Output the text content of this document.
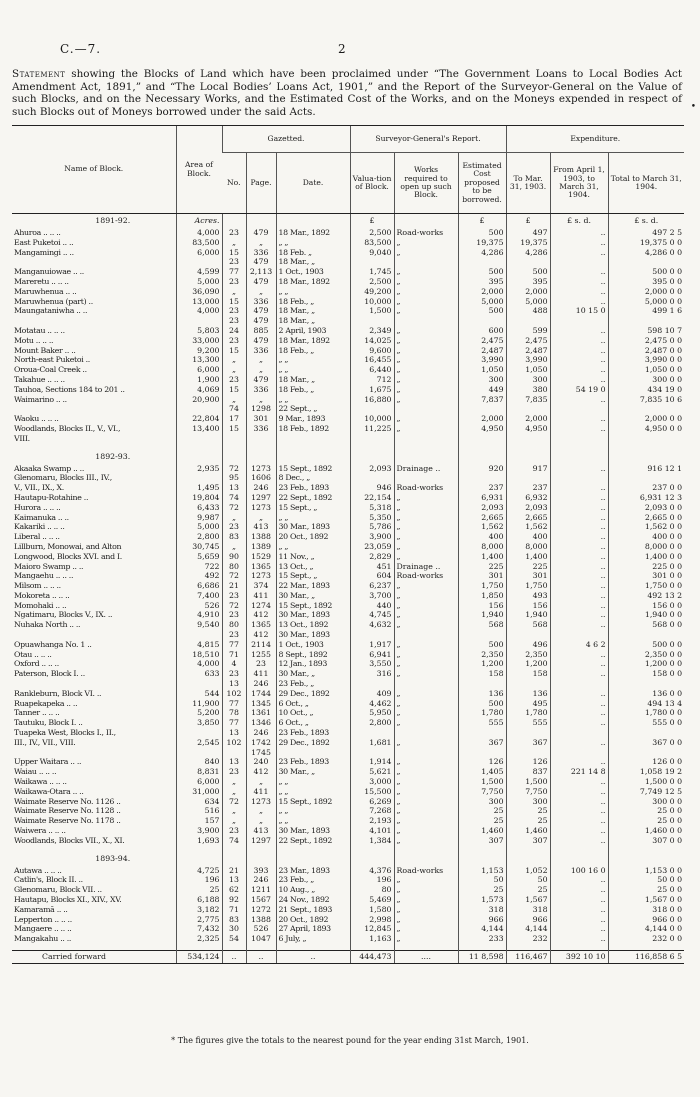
C.—7.	2
Statement showing the Blocks of Land which have been proclaimed under “The Government Loans to Local Bodies Act Amendment Act, 1891,” and “The Local Bodies’ Loans Act, 1901,” and the Report of the Surveyor-General on the Value of such Blocks, and on the Necessary Works, and the Estimated Cost of the Works, and on the Moneys expended in respect of such Blocks out of Moneys borrowed under the said Acts.	•
Name of Block.	Area of Block.	Gazetted.			Surveyor-General's Report.			Expenditure.		
		No.	Page.	Date.	Valua-tion of Block.	Works required to open up such Block.	Estimated Cost proposed to be borrowed.	To Mar. 31, 1903.	From April 1, 1903, to March 31, 1904.	Total to March 31, 1904.
1891-92.	Acres.				£		£	£	£ s. d.	£ s. d.
Ahuroa .. .. ..	4,000	23	479	18 Mar., 1892	2,500	Road-works	500	497	..	497 2 5
East Puketoi .. ..	83,500	„	„	„ „	83,500	„	19,375	19,375	..	19,375 0 0
Mangamingi .. ..	6,000	15	336	18 Feb. „	9,040	„	4,286	4,286	..	4,286 0 0
		23	479	18 Mar., „						
Manganuiowae .. ..	4,599	77	2,113	1 Oct., 1903	1,745	„	500	500	..	500 0 0
Mareretu .. .. ..	5,000	23	479	18 Mar., 1892	2,500	„	395	395	..	395 0 0
Maruwhenua .. ..	36,090	„	„	„ „	49,200	„	2,000	2,000	..	2,000 0 0
Maruwhenua (part) ..	13,000	15	336	18 Feb., „	10,000	„	5,000	5,000	..	5,000 0 0
Maungataniwha .. ..	4,000	23	479	18 Mar., „	1,500	„	500	488	10 15 0	499 1 6
		23	479	18 Mar., „						
Motatau .. .. ..	5,803	24	885	2 April, 1903	2,349	„	600	599	..	598 10 7
Motu .. .. ..	33,000	23	479	18 Mar., 1892	14,025	„	2,475	2,475	..	2,475 0 0
Mount Baker .. ..	9,200	15	336	18 Feb., „	9,600	„	2,487	2,487	..	2,487 0 0
North-east Puketoi ..	13,300	„	„	„ „	16,455	„	3,990	3,990	..	3,990 0 0
Oroua-Coal Creek ..	6,000	„	„	„ „	6,440	„	1,050	1,050	..	1,050 0 0
Takahue .. .. ..	1,900	23	479	18 Mar., „	712	„	300	300	..	300 0 0
Tauhoa, Sections 184 to 201 ..	4,069	15	336	18 Feb., „	1,675	„	449	380	54 19 0	434 19 0
Waimarino .. ..	20,900	„	„	„ „	16,880	„	7,837	7,835	..	7,835 10 6
		74	1298	22 Sept., „						
Waoku .. .. ..	22,804	17	301	9 Mar., 1893	10,000	„	2,000	2,000	..	2,000 0 0
Woodlands, Blocks II., V., VI.,	13,400	15	336	18 Feb., 1892	11,225	„	4,950	4,950	..	4,950 0 0
VIII.										

1892-93.										
Akaaka Swamp .. ..	2,935	72	1273	15 Sept., 1892	2,093	Drainage ..	920	917	..	916 12 1
Glenomaru, Blocks III., IV.,		95	1606	8 Dec., „						
V., VII., IX., X.	1,495	13	246	23 Feb., 1893	946	Road-works	237	237	..	237 0 0
Hautapu-Rotahine ..	19,804	74	1297	22 Sept., 1892	22,154	„	6,931	6,932	..	6,931 12 3
Hurora .. .. ..	6,433	72	1273	15 Sept., „	5,318	„	2,093	2,093	..	2,093 0 0
Kaimanuka .. ..	9,987	„	„	„ „	5,350	„	2,665	2,665	..	2,665 0 0
Kakariki .. .. ..	5,000	23	413	30 Mar., 1893	5,786	„	1,562	1,562	..	1,562 0 0
Liberal .. .. ..	2,800	83	1388	20 Oct., 1892	3,900	„	400	400	..	400 0 0
Lillburn, Monowai, and Alton	30,745	„	1389	„ „	23,059	„	8,000	8,000	..	8,000 0 0
Longwood, Blocks XVI. and I.	5,659	90	1529	11 Nov., „	2,829	„	1,400	1,400	..	1,400 0 0
Maioro Swamp .. ..	722	80	1365	13 Oct., „	451	Drainage ..	225	225	..	225 0 0
Mangaehu .. .. ..	492	72	1273	15 Sept., „	604	Road-works	301	301	..	301 0 0
Milsom .. .. ..	6,686	21	374	22 Mar., 1893	6,237	„	1,750	1,750	..	1,750 0 0
Mokoreta .. .. ..	7,400	23	411	30 Mar., „	3,700	„	1,850	493	..	492 13 2
Momohaki .. ..	526	72	1274	15 Sept., 1892	440	„	156	156	..	156 0 0
Ngatimaru, Blocks V., IX. ..	4,910	23	412	30 Mar., 1893	4,745	„	1,940	1,940	..	1,940 0 0
Nuhaka North .. ..	9,540	80	1365	13 Oct., 1892	4,632	„	568	568	..	568 0 0
		23	412	30 Mar., 1893						
Opuawhanga No. 1 ..	4,815	77	2114	1 Oct., 1903	1,917	„	500	496	4 6 2	500 0 0
Otau .. .. ..	18,510	71	1255	8 Sept., 1892	6,941	„	2,350	2,350	..	2,350 0 0
Oxford .. .. ..	4,000	4	23	12 Jan., 1893	3,550	„	1,200	1,200	..	1,200 0 0
Paterson, Block I. ..	633	23	411	30 Mar., „	316	„	158	158	..	158 0 0
		13	246	23 Feb., „						
Rankleburn, Block VI. ..	544	102	1744	29 Dec., 1892	409	„	136	136	..	136 0 0
Ruapekapeka .. ..	11,900	77	1345	6 Oct., „	4,462	„	500	495	..	494 13 4
Tanner .. .. ..	5,200	78	1361	10 Oct., „	5,950	„	1,780	1,780	..	1,780 0 0
Tautuku, Block I. ..	3,850	77	1346	6 Oct., „	2,800	„	555	555	..	555 0 0
Tuapeka West, Blocks I., II.,		13	246	23 Feb., 1893						
III., IV., VII., VIII.	2,545	102	1742	29 Dec., 1892	1,681	„	367	367	..	367 0 0
			1745							
Upper Waitara .. ..	840	13	240	23 Feb., 1893	1,914	„	126	126	..	126 0 0
Waiau .. .. ..	8,831	23	412	30 Mar., „	5,621	„	1,405	837	221 14 8	1,058 19 2
Waikawa .. .. ..	6,000	„	„	„ „	3,000	„	1,500	1,500	..	1,500 0 0
Waikawa-Otara .. ..	31,000	„	411	„ „	15,500	„	7,750	7,750	..	7,749 12 5
Waimate Reserve No. 1126 ..	634	72	1273	15 Sept., 1892	6,269	„	300	300	..	300 0 0
Waimate Reserve No. 1128 ..	516	„	„	„ „	7,268	„	25	25	..	25 0 0
Waimate Reserve No. 1178 ..	157	„	„	„ „	2,193	„	25	25	..	25 0 0
Waiwera .. .. ..	3,900	23	413	30 Mar., 1893	4,101	„	1,460	1,460	..	1,460 0 0
Woodlands, Blocks VII., X., XI.	1,693	74	1297	22 Sept., 1892	1,384	„	307	307	..	307 0 0

1893-94.										
Autawa .. .. ..	4,725	21	393	23 Mar., 1893	4,376	Road-works	1,153	1,052	100 16 0	1,153 0 0
Catlin's, Block II. ..	196	13	246	23 Feb., „	196	„	50	50	..	50 0 0
Glenomaru, Block VII. ..	25	62	1211	10 Aug., „	80	„	25	25	..	25 0 0
Hautapu, Blocks XI., XIV., XV.	6,188	92	1567	24 Nov., 1892	5,469	„	1,573	1,567	..	1,567 0 0
Kamaramā .. ..	3,182	71	1272	21 Sept., 1893	1,580	„	318	318	..	318 0 0
Lepperton .. .. ..	2,775	83	1388	20 Oct., 1892	2,998	„	966	966	..	966 0 0
Mangaere .. .. ..	7,432	30	526	27 April, 1893	12,845	„	4,144	4,144	..	4,144 0 0
Mangakahu .. ..	2,325	54	1047	6 July, „	1,163	„	233	232	..	232 0 0

Carried forward	534,124	..	..	..	444,473	....	11 8,598	116,467	392 10 10	116,858 6 5
* The figures give the totals to the nearest pound for the year ending 31st March, 1901.
